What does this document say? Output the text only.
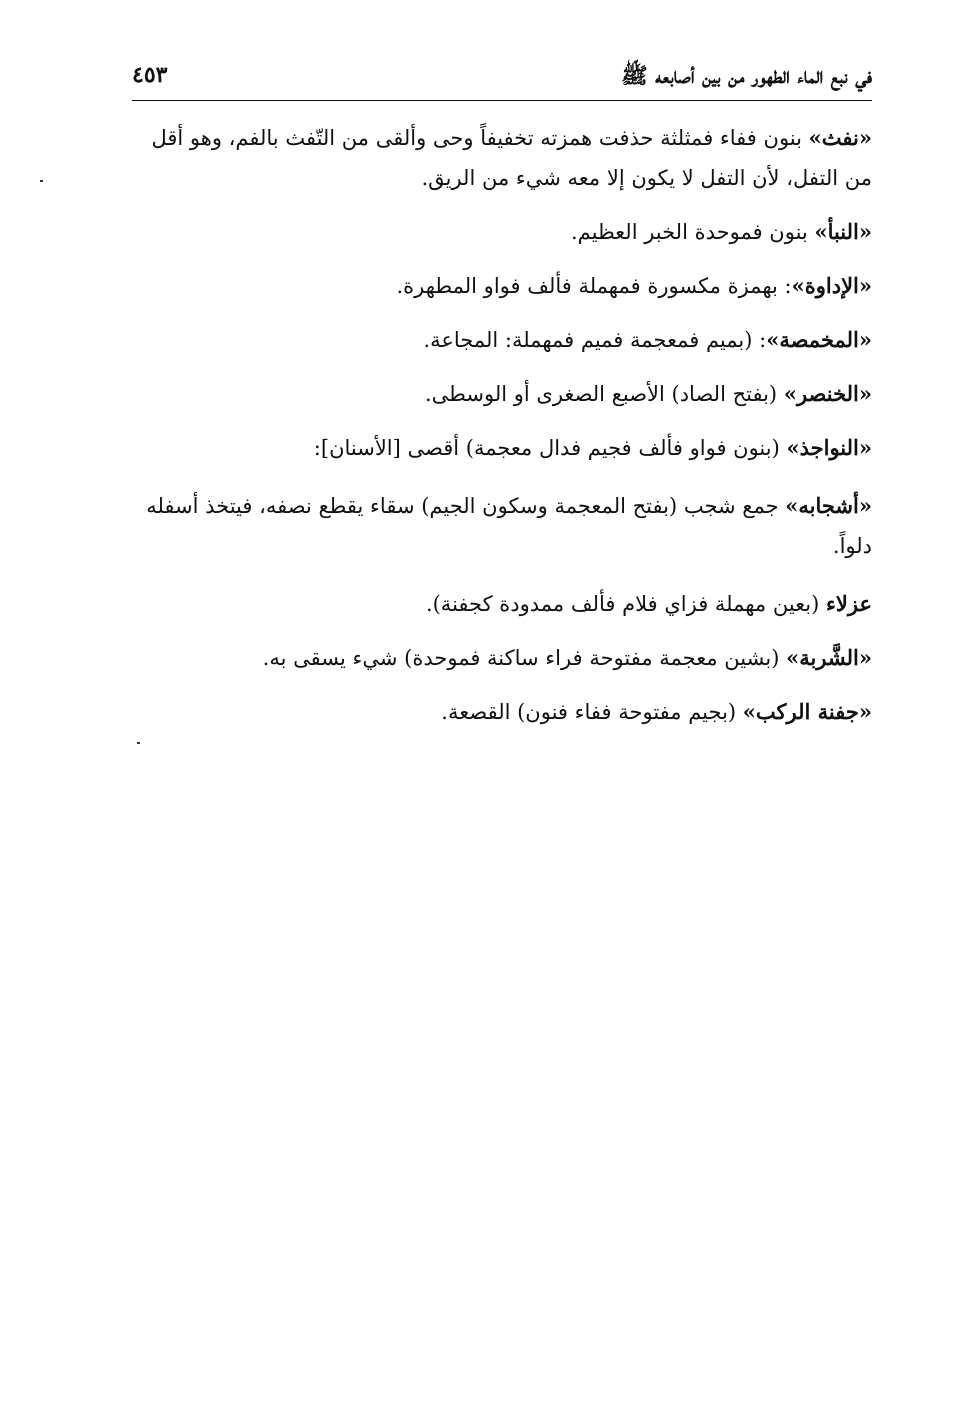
في نبع الماء الطهور من بين أصابعه ﷺ
٤٥٣

«نفث» بنون ففاء فمثلثة حذفت همزته تخفيفاً وحى وألقى من التّفث بالفم، وهو أقل من التفل، لأن التفل لا يكون إلا معه شيء من الريق.

«النبأ» بنون فموحدة الخبر العظيم.

«الإداوة»: بهمزة مكسورة فمهملة فألف فواو المطهرة.

«المخمصة»: (بميم فمعجمة فميم فمهملة: المجاعة.

«الخنصر» (بفتح الصاد) الأصبع الصغرى أو الوسطى.

«النواجذ» (بنون فواو فألف فجيم فدال معجمة) أقصى [الأسنان]:

«أشجابه» جمع شجب (بفتح المعجمة وسكون الجيم) سقاء يقطع نصفه، فيتخذ أسفله دلواً.

عزلاء (بعين مهملة فزاي فلام فألف ممدودة كجفنة).

«الشَّربة» (بشين معجمة مفتوحة فراء ساكنة فموحدة) شيء يسقى به.

«جفنة الركب» (بجيم مفتوحة ففاء فنون) القصعة.
